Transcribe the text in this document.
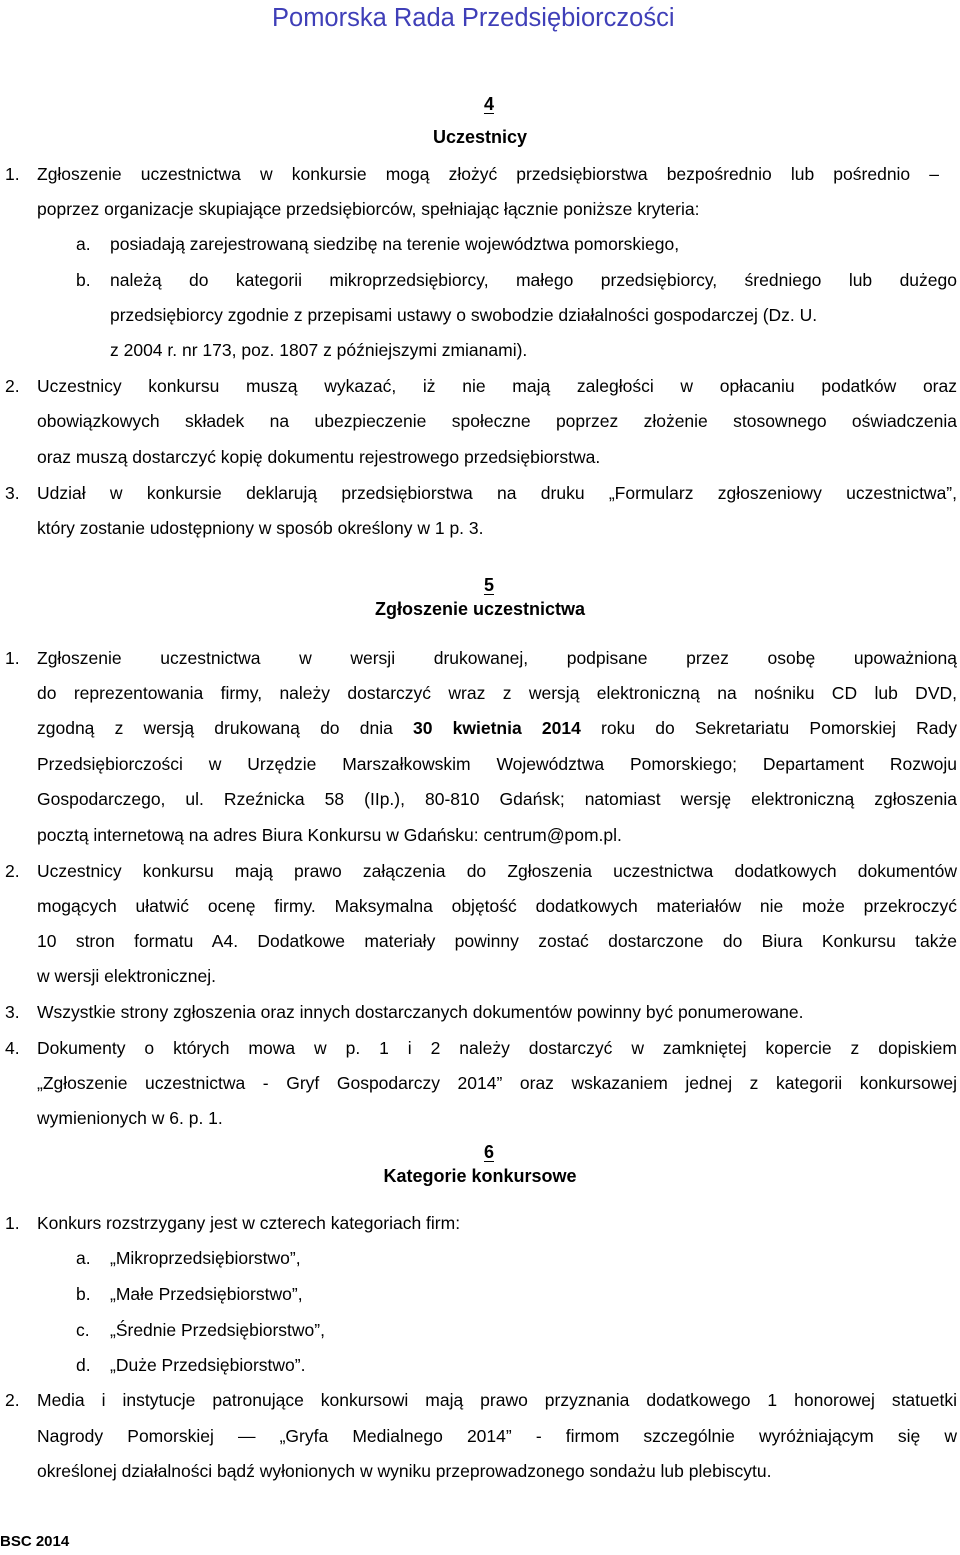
Pomorska Rada Przedsiębiorczości
4
Uczestnicy
1. Zgłoszenie uczestnictwa w konkursie mogą złożyć przedsiębiorstwa bezpośrednio lub pośrednio –
poprzez organizacje skupiające przedsiębiorców, spełniając łącznie poniższe kryteria:
a. posiadają zarejestrowaną siedzibę na terenie województwa pomorskiego,
b. należą do kategorii mikroprzedsiębiorcy, małego przedsiębiorcy, średniego lub dużego
przedsiębiorcy zgodnie z przepisami ustawy o swobodzie działalności gospodarczej (Dz. U.
z 2004 r. nr 173, poz. 1807 z późniejszymi zmianami).
2. Uczestnicy konkursu muszą wykazać, iż nie mają zaległości w opłacaniu podatków oraz
obowiązkowych składek na ubezpieczenie społeczne poprzez złożenie stosownego oświadczenia
oraz muszą dostarczyć kopię dokumentu rejestrowego przedsiębiorstwa.
3. Udział w konkursie deklarują przedsiębiorstwa na druku „Formularz zgłoszeniowy uczestnictwa”,
który zostanie udostępniony w sposób określony w 1 p. 3.
5
Zgłoszenie uczestnictwa
1. Zgłoszenie uczestnictwa w wersji drukowanej, podpisane przez osobę upoważnioną
do reprezentowania firmy, należy dostarczyć wraz z wersją elektroniczną na nośniku CD lub DVD,
zgodną z wersją drukowaną do dnia 30 kwietnia 2014 roku do Sekretariatu Pomorskiej Rady
Przedsiębiorczości w Urzędzie Marszałkowskim Województwa Pomorskiego; Departament Rozwoju
Gospodarczego, ul. Rzeźnicka 58 (IIp.), 80-810 Gdańsk; natomiast wersję elektroniczną zgłoszenia
pocztą internetową na adres Biura Konkursu w Gdańsku: centrum@pom.pl.
2. Uczestnicy konkursu mają prawo załączenia do Zgłoszenia uczestnictwa dodatkowych dokumentów
mogących ułatwić ocenę firmy. Maksymalna objętość dodatkowych materiałów nie może przekroczyć
10 stron formatu A4. Dodatkowe materiały powinny zostać dostarczone do Biura Konkursu także
w wersji elektronicznej.
3. Wszystkie strony zgłoszenia oraz innych dostarczanych dokumentów powinny być ponumerowane.
4. Dokumenty o których mowa w p. 1 i 2 należy dostarczyć w zamkniętej kopercie z dopiskiem
„Zgłoszenie uczestnictwa - Gryf Gospodarczy 2014” oraz wskazaniem jednej z kategorii konkursowej
wymienionych w 6. p. 1.
6
Kategorie konkursowe
1. Konkurs rozstrzygany jest w czterech kategoriach firm:
a. „Mikroprzedsiębiorstwo”,
b. „Małe Przedsiębiorstwo”,
c. „Średnie Przedsiębiorstwo”,
d. „Duże Przedsiębiorstwo”.
2. Media i instytucje patronujące konkursowi mają prawo przyznania dodatkowego 1 honorowej statuetki
Nagrody Pomorskiej — „Gryfa Medialnego 2014” - firmom szczególnie wyróżniającym się w
określonej działalności bądź wyłonionych w wyniku przeprowadzonego sondażu lub plebiscytu.
BSC 2014
